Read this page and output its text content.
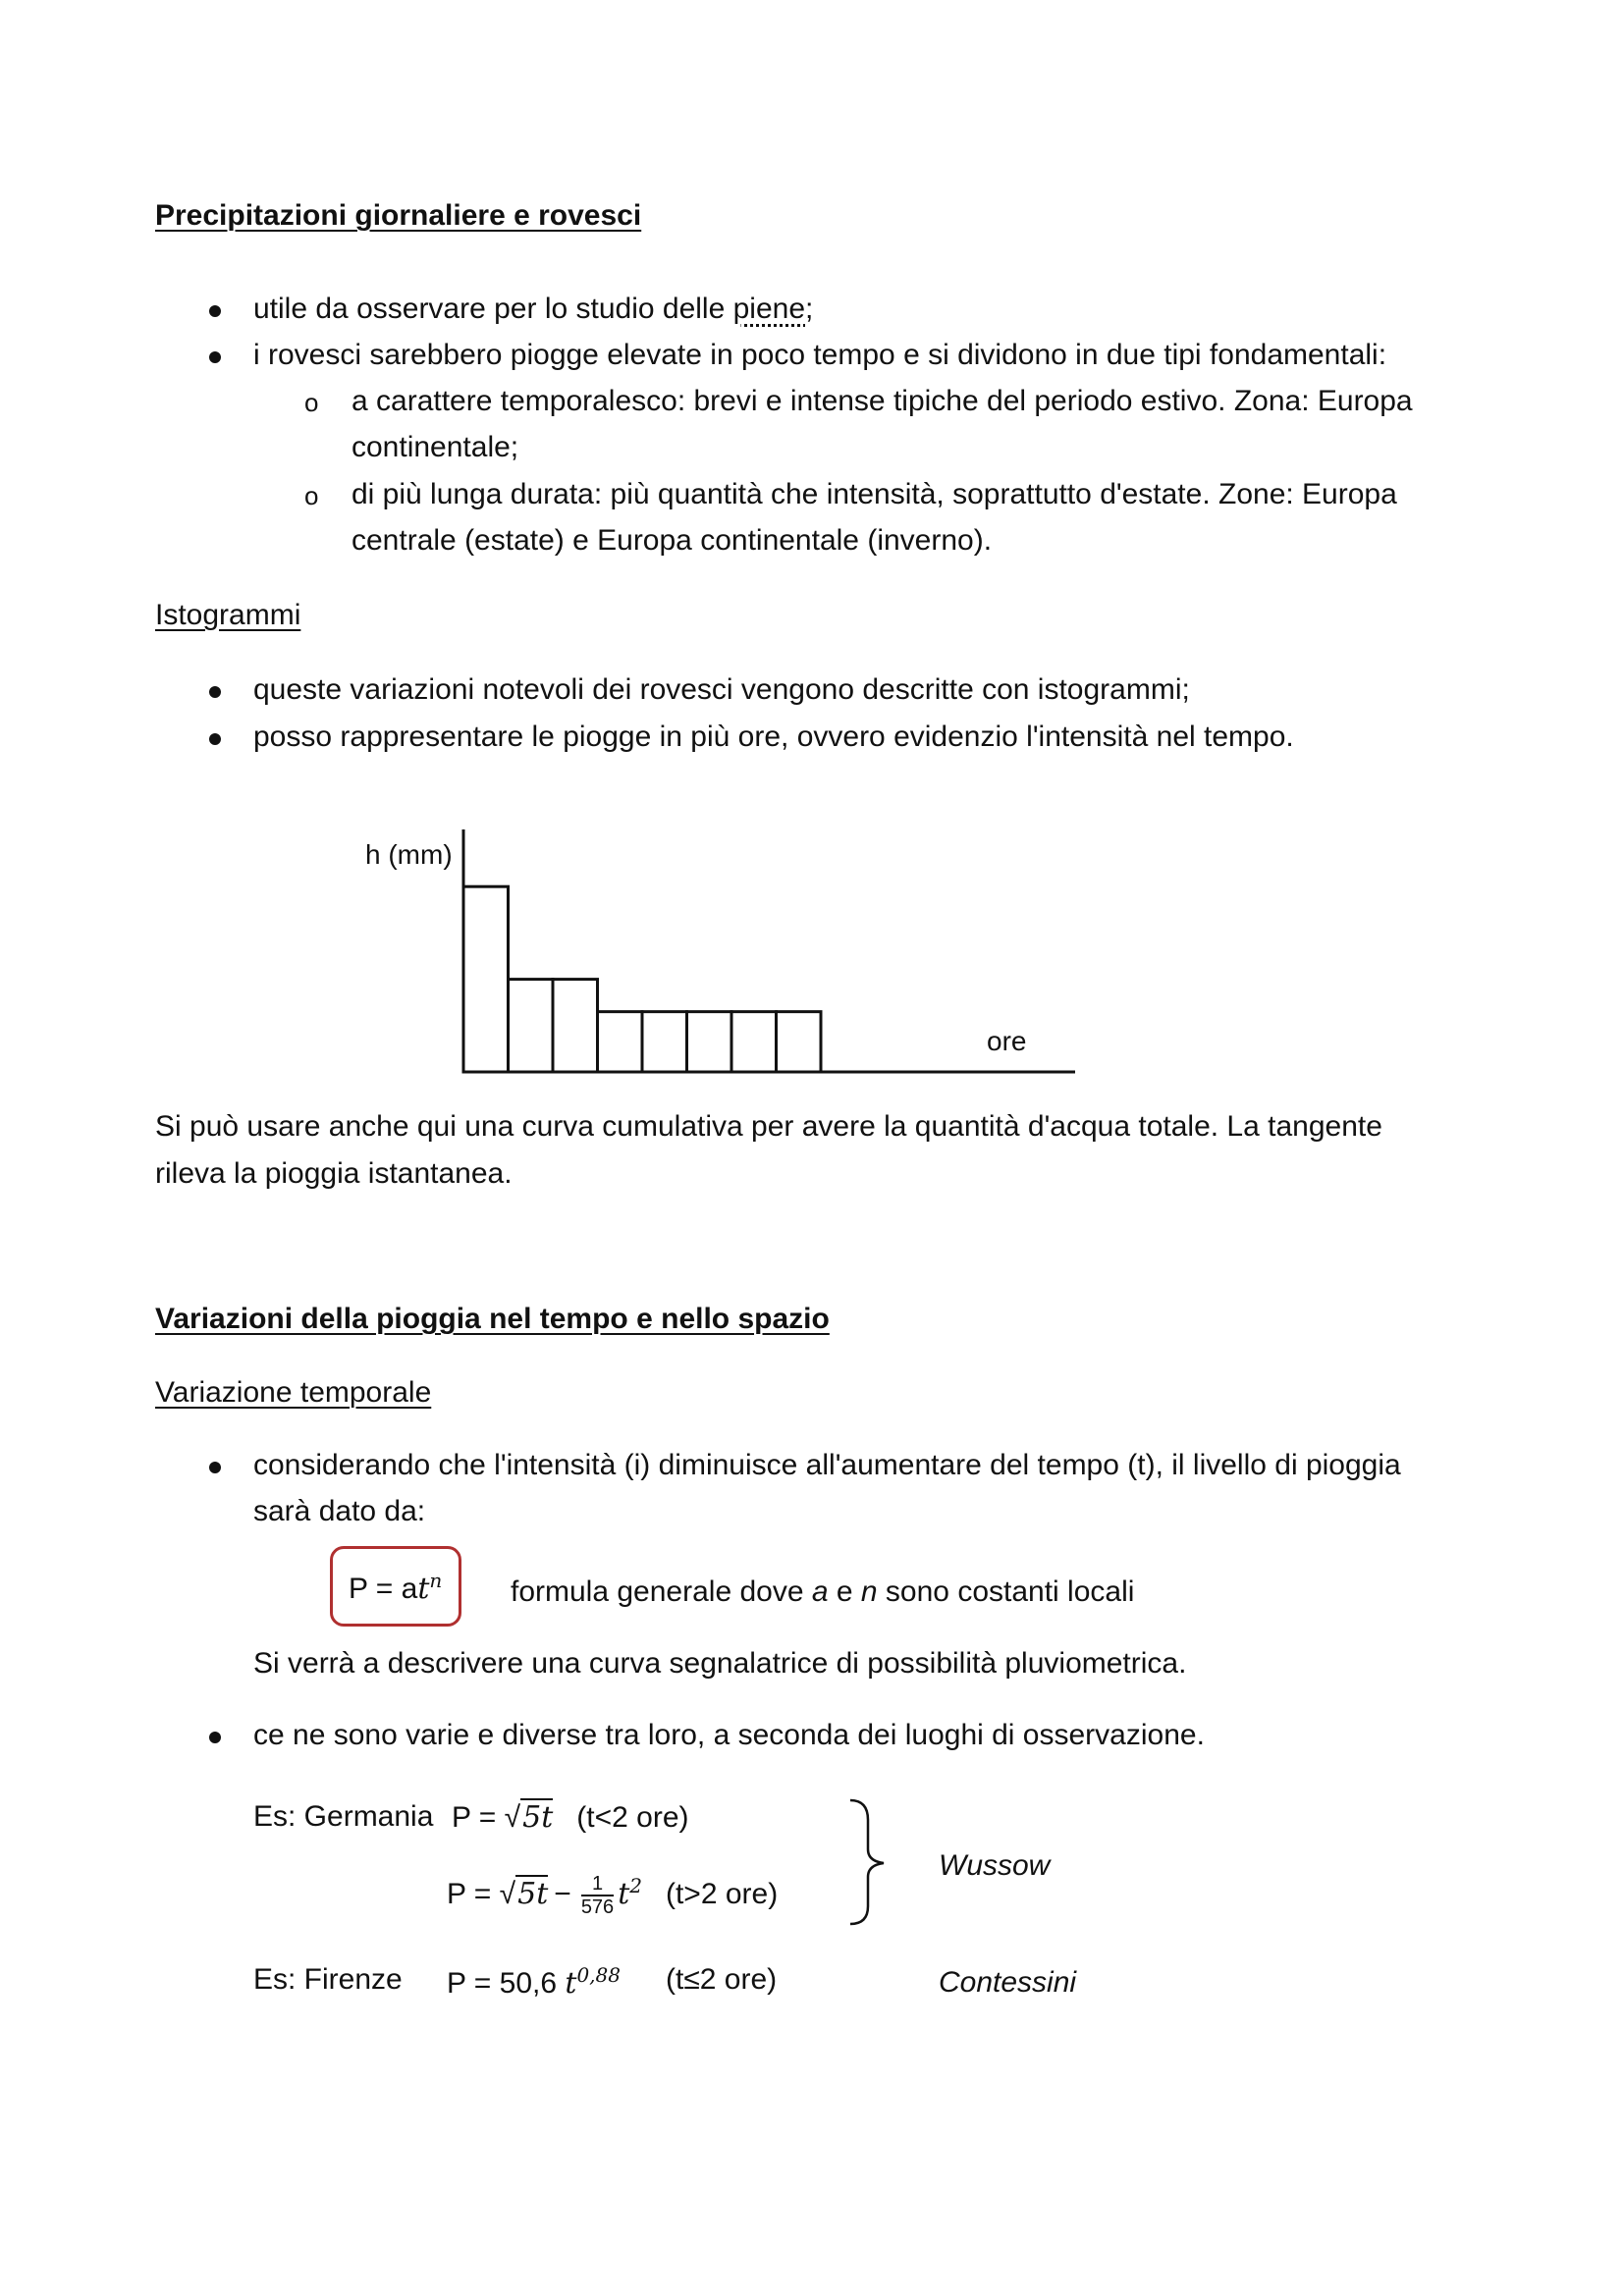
Precipitazioni giornaliere e rovesci
utile da osservare per lo studio delle piene;
i rovesci sarebbero piogge elevate in poco tempo e si dividono in due tipi fondamentali:
o a carattere temporalesco: brevi e intense tipiche del periodo estivo. Zona: Europa
continentale;
o di più lunga durata: più quantità che intensità, soprattutto d'estate. Zone: Europa
centrale (estate) e Europa continentale (inverno).
Istogrammi
queste variazioni notevoli dei rovesci vengono descritte con istogrammi;
posso rappresentare le piogge in più ore, ovvero evidenzio l'intensità nel tempo.
h (mm)
ore
Si può usare anche qui una curva cumulativa per avere la quantità d'acqua totale. La tangente
rileva la pioggia istantanea.
Variazioni della pioggia nel tempo e nello spazio
Variazione temporale
considerando che l'intensità (i) diminuisce all'aumentare del tempo (t), il livello di pioggia
sarà dato da:
$P = at^n$ formula generale dove a e n sono costanti locali
Si verrà a descrivere una curva segnalatrice di possibilità pluviometrica.
ce ne sono varie e diverse tra loro, a seconda dei luoghi di osservazione.
Es: Germania P = √5t (t<2 ore)
$P = √5t - \frac{1}{576} t^2$ (t>2 ore)
Wussow
Es: Firenze P = 50,6 $t^{0,88}$ (t≤2 ore)	Contessini
